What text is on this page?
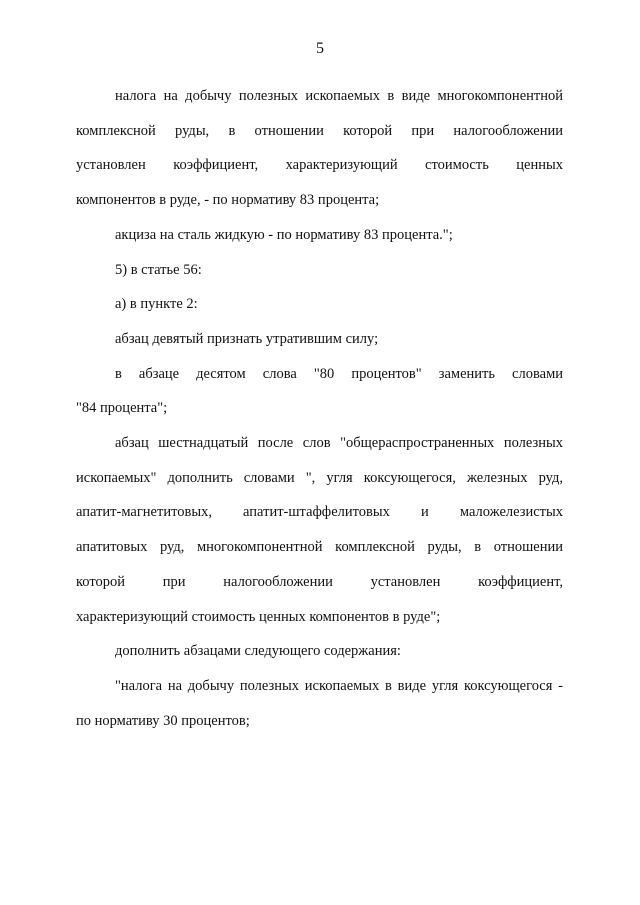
5

налога на добычу полезных ископаемых в виде многокомпонентной
комплексной руды, в отношении которой при налогообложении
установлен коэффициент, характеризующий стоимость ценных
компонентов в руде, - по нормативу 83 процента;

акциза на сталь жидкую - по нормативу 83 процента.";

5) в статье 56:

а) в пункте 2:

абзац девятый признать утратившим силу;

в абзаце десятом слова "80 процентов" заменить словами
"84 процента";

абзац шестнадцатый после слов "общераспространенных полезных
ископаемых" дополнить словами ", угля коксующегося, железных руд,
апатит-магнетитовых, апатит-штаффелитовых и маложелезистых
апатитовых руд, многокомпонентной комплексной руды, в отношении
которой при налогообложении установлен коэффициент,
характеризующий стоимость ценных компонентов в руде";

дополнить абзацами следующего содержания:

"налога на добычу полезных ископаемых в виде угля коксующегося -
по нормативу 30 процентов;
